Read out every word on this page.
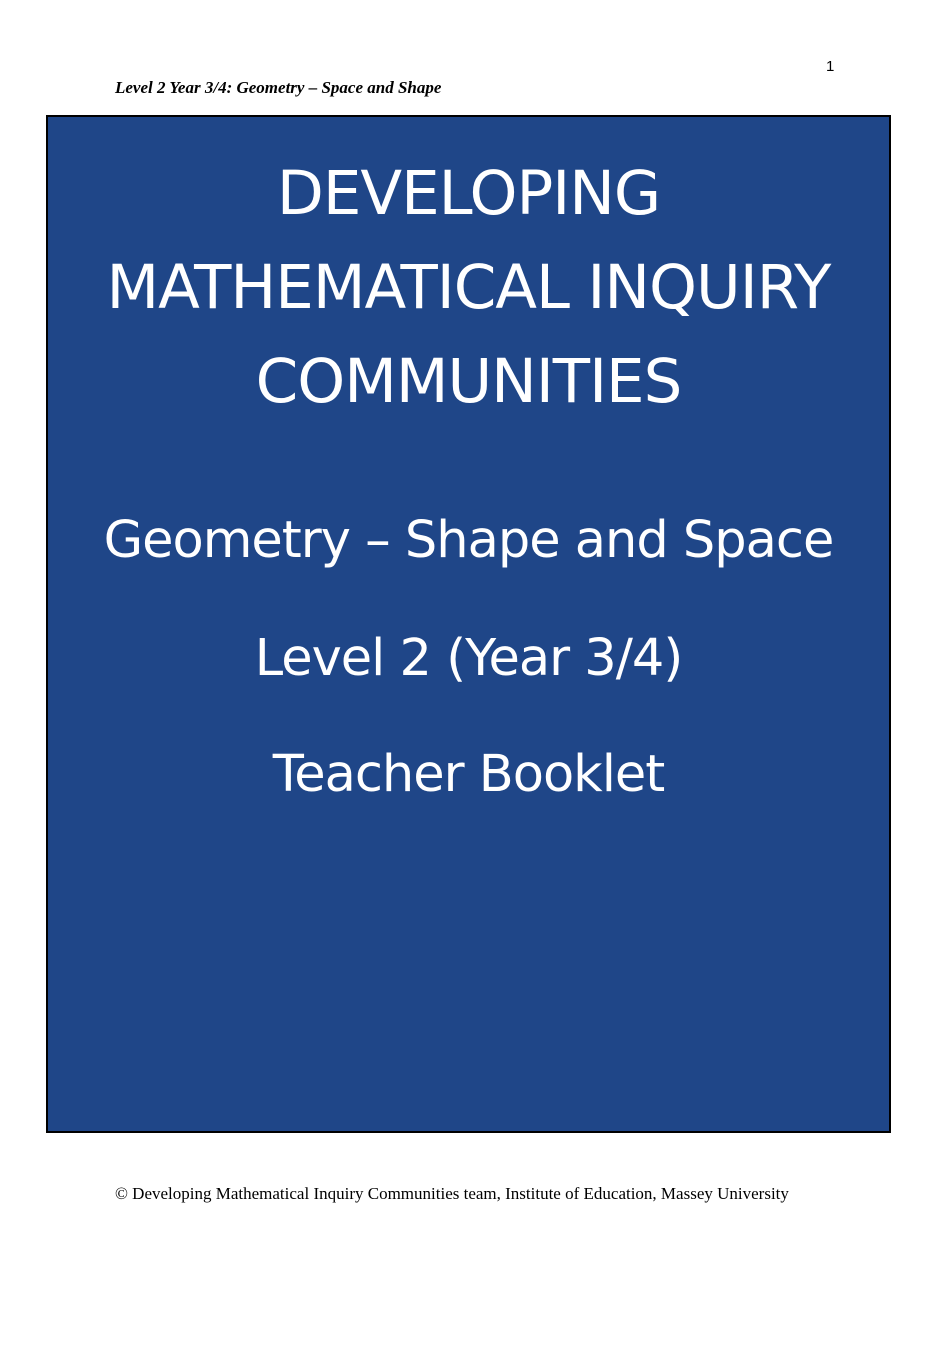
1
Level 2 Year 3/4: Geometry – Space and Shape
DEVELOPING
MATHEMATICAL INQUIRY
COMMUNITIES
Geometry – Shape and Space
Level 2 (Year 3/4)
Teacher Booklet
© Developing Mathematical Inquiry Communities team, Institute of Education, Massey University
